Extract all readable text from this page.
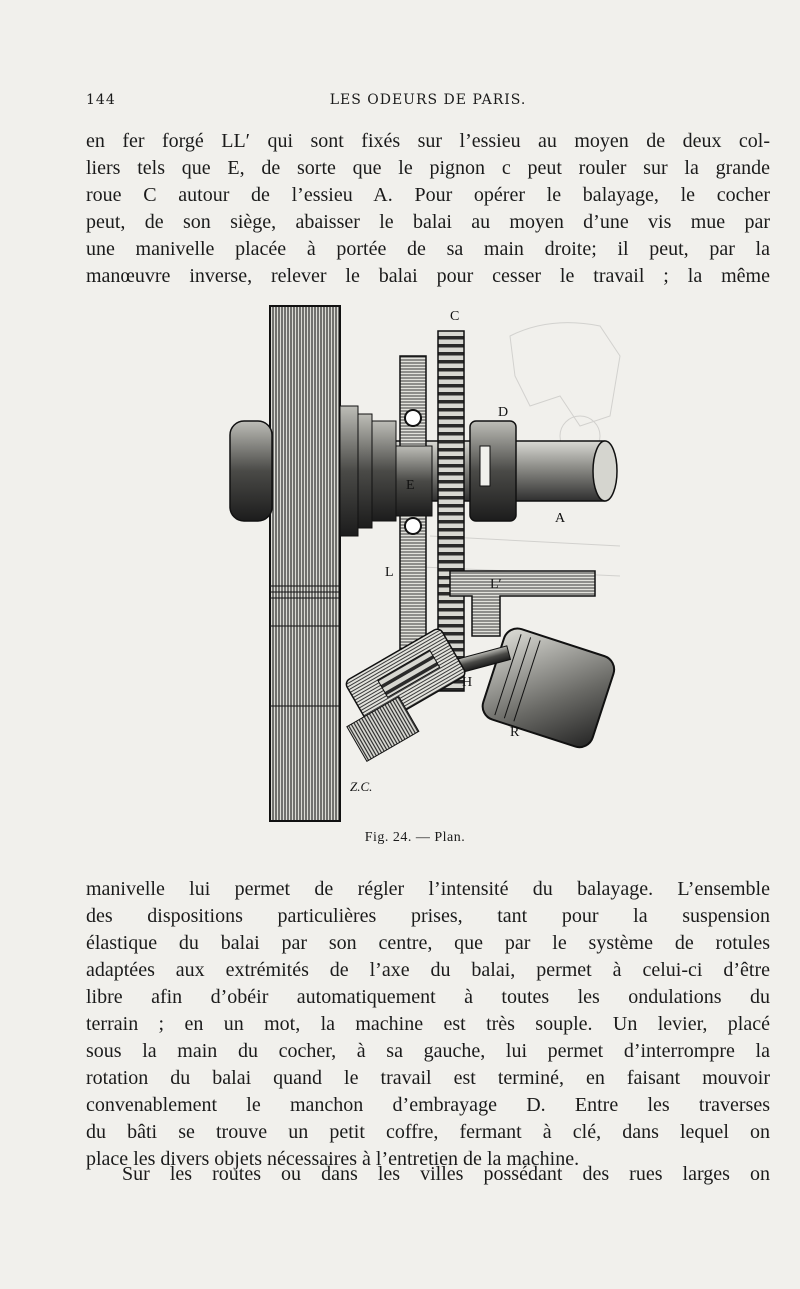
144	LES ODEURS DE PARIS.
en fer forgé LL′ qui sont fixés sur l’essieu au moyen de deux col-
liers tels que E, de sorte que le pignon c peut rouler sur la grande
roue C autour de l’essieu A. Pour opérer le balayage, le cocher
peut, de son siège, abaisser le balai au moyen d’une vis mue par
une manivelle placée à portée de sa main droite; il peut, par la
manœuvre inverse, relever le balai pour cesser le travail ; la même
C
D
E
A
L
L′
H
R
Z.C.
Fig. 24. — Plan.
manivelle lui permet de régler l’intensité du balayage. L’ensemble
des dispositions particulières prises, tant pour la suspension
élastique du balai par son centre, que par le système de rotules
adaptées aux extrémités de l’axe du balai, permet à celui-ci d’être
libre afin d’obéir automatiquement à toutes les ondulations du
terrain ; en un mot, la machine est très souple. Un levier, placé
sous la main du cocher, à sa gauche, lui permet d’interrompre la
rotation du balai quand le travail est terminé, en faisant mouvoir
convenablement le manchon d’embrayage D. Entre les traverses
du bâti se trouve un petit coffre, fermant à clé, dans lequel on
place les divers objets nécessaires à l’entretien de la machine.
Sur les routes ou dans les villes possédant des rues larges on
